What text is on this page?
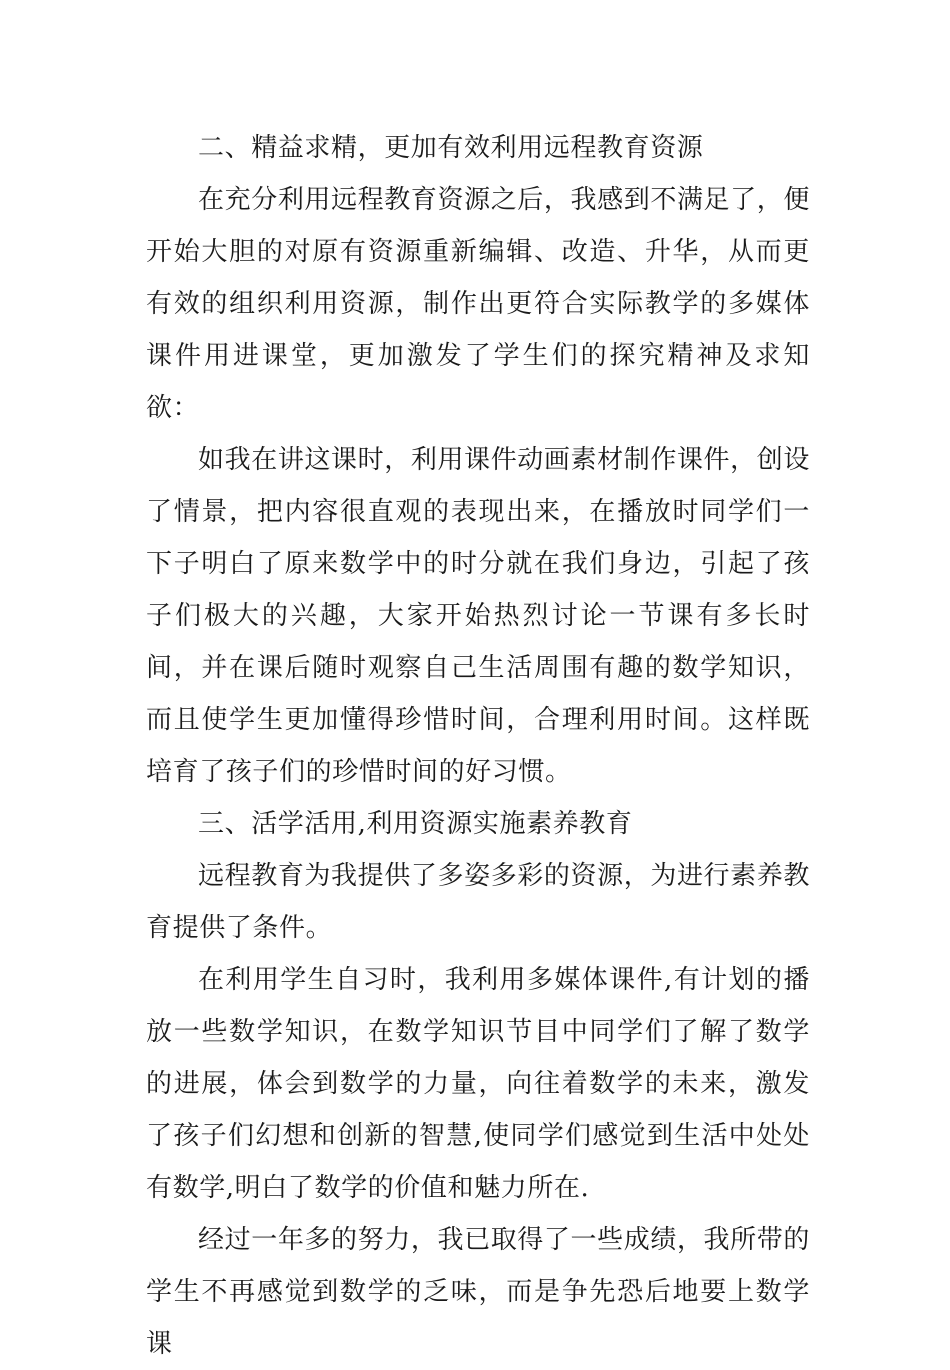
二、精益求精，更加有效利用远程教育资源

在充分利用远程教育资源之后，我感到不满足了，便开始大胆的对原有资源重新编辑、改造、升华，从而更有效的组织利用资源，制作出更符合实际教学的多媒体课件用进课堂，更加激发了学生们的探究精神及求知欲：

如我在讲这课时，利用课件动画素材制作课件，创设了情景，把内容很直观的表现出来，在播放时同学们一下子明白了原来数学中的时分就在我们身边，引起了孩子们极大的兴趣，大家开始热烈讨论一节课有多长时间，并在课后随时观察自己生活周围有趣的数学知识，而且使学生更加懂得珍惜时间，合理利用时间。这样既培育了孩子们的珍惜时间的好习惯。

三、活学活用,利用资源实施素养教育

远程教育为我提供了多姿多彩的资源，为进行素养教育提供了条件。

在利用学生自习时，我利用多媒体课件,有计划的播放一些数学知识，在数学知识节目中同学们了解了数学的进展，体会到数学的力量，向往着数学的未来，激发了孩子们幻想和创新的智慧,使同学们感觉到生活中处处有数学,明白了数学的价值和魅力所在.

经过一年多的努力，我已取得了一些成绩，我所带的学生不再感觉到数学的乏味，而是争先恐后地要上数学课
